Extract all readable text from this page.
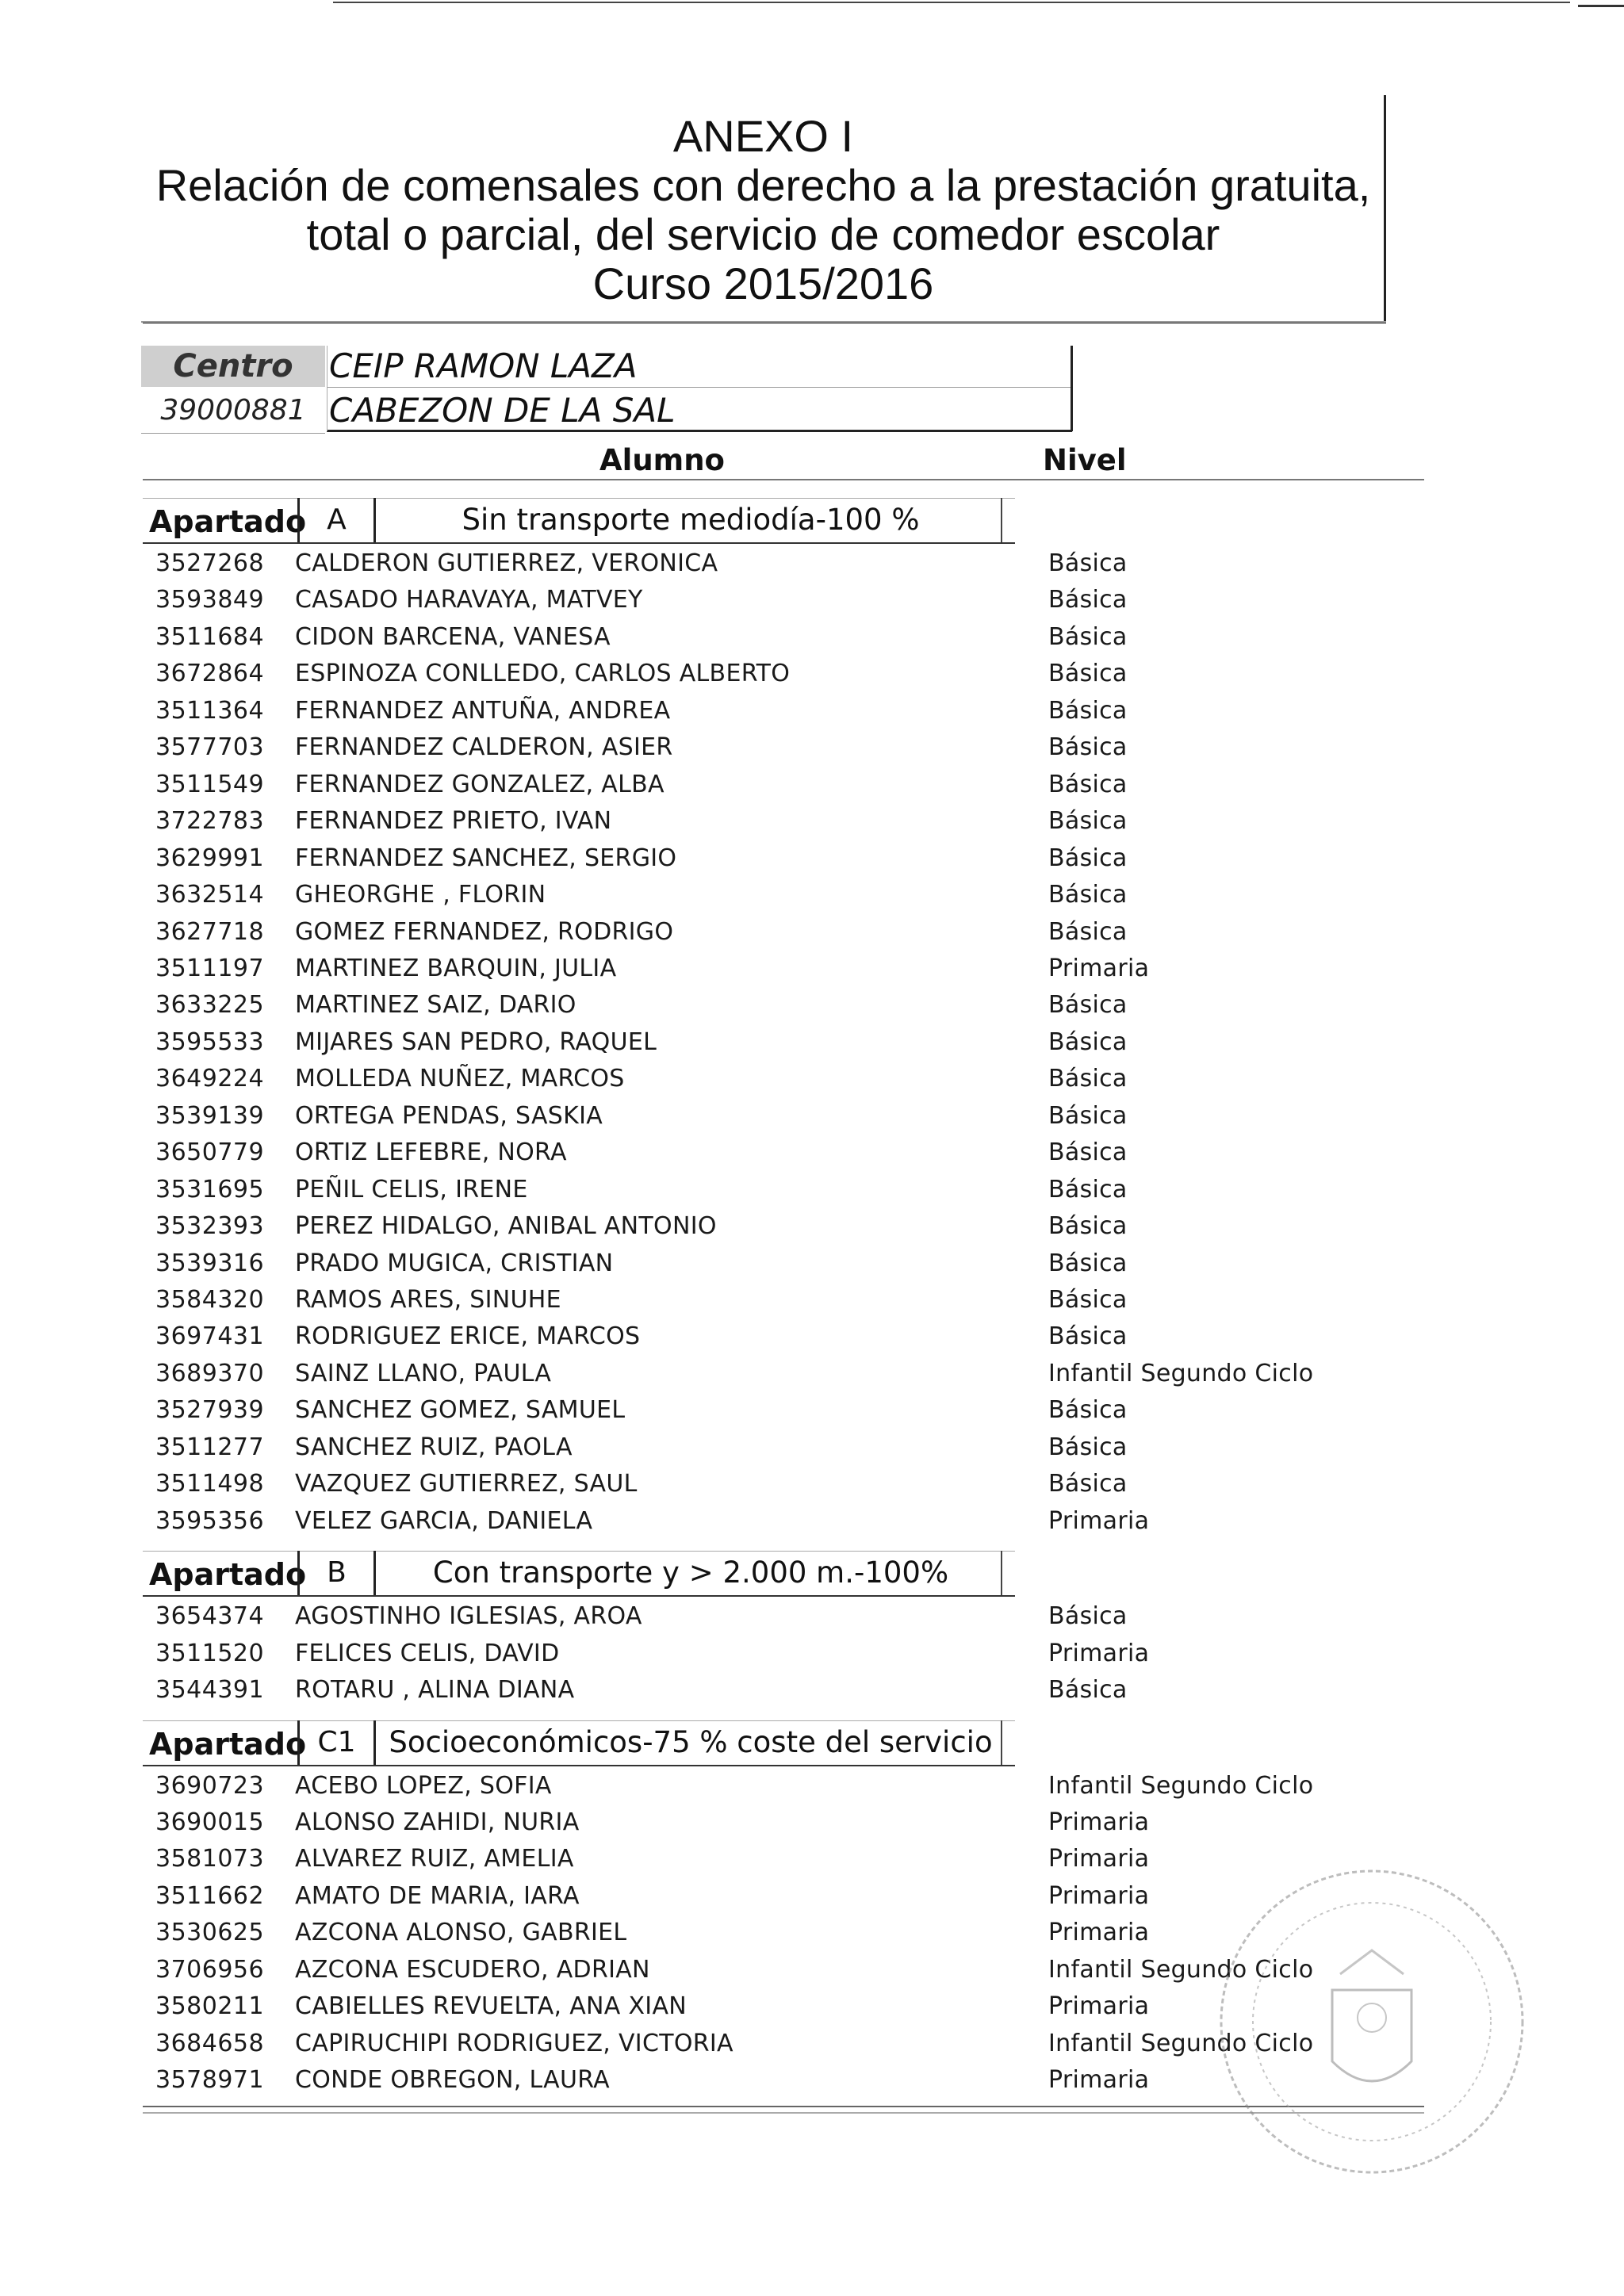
ANEXO I
Relación de comensales con derecho a la prestación gratuita,
total o parcial, del servicio de comedor escolar
Curso 2015/2016
Centro
39000881
CEIP RAMON LAZA
CABEZON DE LA SAL
Alumno	Nivel
Apartado A	Sin transporte mediodía-100 %
3527268 CALDERON GUTIERREZ, VERONICA	Básica
3593849 CASADO HARAVAYA, MATVEY	Básica
3511684 CIDON BARCENA, VANESA	Básica
3672864 ESPINOZA CONLLEDO, CARLOS ALBERTO	Básica
3511364 FERNANDEZ ANTUÑA, ANDREA	Básica
3577703 FERNANDEZ CALDERON, ASIER	Básica
3511549 FERNANDEZ GONZALEZ, ALBA	Básica
3722783 FERNANDEZ PRIETO, IVAN	Básica
3629991 FERNANDEZ SANCHEZ, SERGIO	Básica
3632514 GHEORGHE , FLORIN	Básica
3627718 GOMEZ FERNANDEZ, RODRIGO	Básica
3511197 MARTINEZ BARQUIN, JULIA	Primaria
3633225 MARTINEZ SAIZ, DARIO	Básica
3595533 MIJARES SAN PEDRO, RAQUEL	Básica
3649224 MOLLEDA NUÑEZ, MARCOS	Básica
3539139 ORTEGA PENDAS, SASKIA	Básica
3650779 ORTIZ LEFEBRE, NORA	Básica
3531695 PEÑIL CELIS, IRENE	Básica
3532393 PEREZ HIDALGO, ANIBAL ANTONIO	Básica
3539316 PRADO MUGICA, CRISTIAN	Básica
3584320 RAMOS ARES, SINUHE	Básica
3697431 RODRIGUEZ ERICE, MARCOS	Básica
3689370 SAINZ LLANO, PAULA	Infantil Segundo Ciclo
3527939 SANCHEZ GOMEZ, SAMUEL	Básica
3511277 SANCHEZ RUIZ, PAOLA	Básica
3511498 VAZQUEZ GUTIERREZ, SAUL	Básica
3595356 VELEZ GARCIA, DANIELA	Primaria
Apartado B	Con transporte y > 2.000 m.-100%
3654374 AGOSTINHO IGLESIAS, AROA	Básica
3511520 FELICES CELIS, DAVID	Primaria
3544391 ROTARU , ALINA DIANA	Básica
Apartado C1	Socioeconómicos-75 % coste del servicio
3690723 ACEBO LOPEZ, SOFIA	Infantil Segundo Ciclo
3690015 ALONSO ZAHIDI, NURIA	Primaria
3581073 ALVAREZ RUIZ, AMELIA	Primaria
3511662 AMATO DE MARIA, IARA	Primaria
3530625 AZCONA ALONSO, GABRIEL	Primaria
3706956 AZCONA ESCUDERO, ADRIAN	Infantil Segundo Ciclo
3580211 CABIELLES REVUELTA, ANA XIAN	Primaria
3684658 CAPIRUCHIPI RODRIGUEZ, VICTORIA	Infantil Segundo Ciclo
3578971 CONDE OBREGON, LAURA	Primaria
